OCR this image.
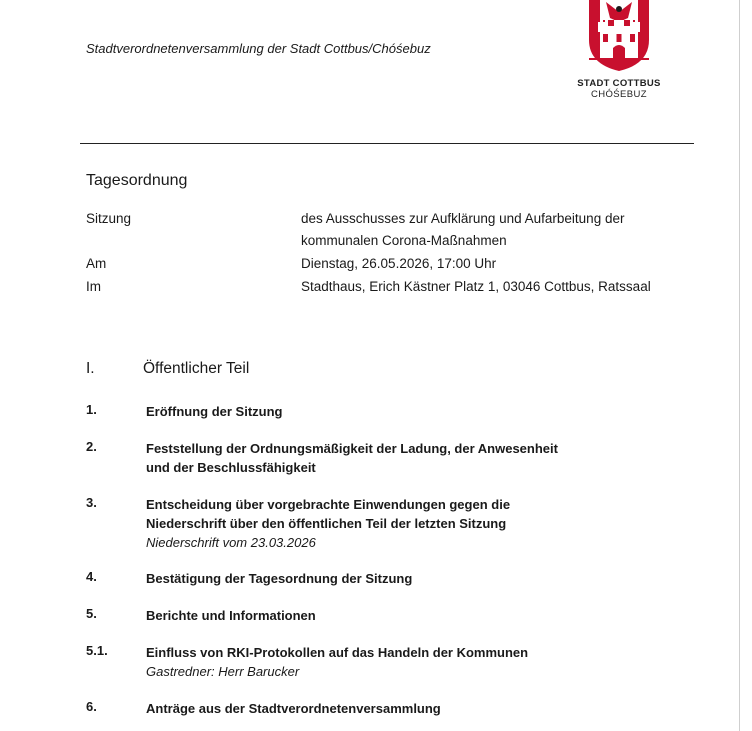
Stadtverordnetenversammlung der Stadt Cottbus/Chóśebuz
STADT COTTBUS
CHÓŚEBUZ
Tagesordnung
Sitzung	des Ausschusses zur Aufklärung und Aufarbeitung der
kommunalen Corona-Maßnahmen
Am	Dienstag, 26.05.2026, 17:00 Uhr
Im	Stadthaus, Erich Kästner Platz 1, 03046 Cottbus, Ratssaal
I.	Öffentlicher Teil
1.	Eröffnung der Sitzung
2.	Feststellung der Ordnungsmäßigkeit der Ladung, der Anwesenheit
und der Beschlussfähigkeit
3.	Entscheidung über vorgebrachte Einwendungen gegen die
Niederschrift über den öffentlichen Teil der letzten Sitzung
Niederschrift vom 23.03.2026
4.	Bestätigung der Tagesordnung der Sitzung
5.	Berichte und Informationen
5.1.	Einfluss von RKI-Protokollen auf das Handeln der Kommunen
Gastredner: Herr Barucker
6.	Anträge aus der Stadtverordnetenversammlung
